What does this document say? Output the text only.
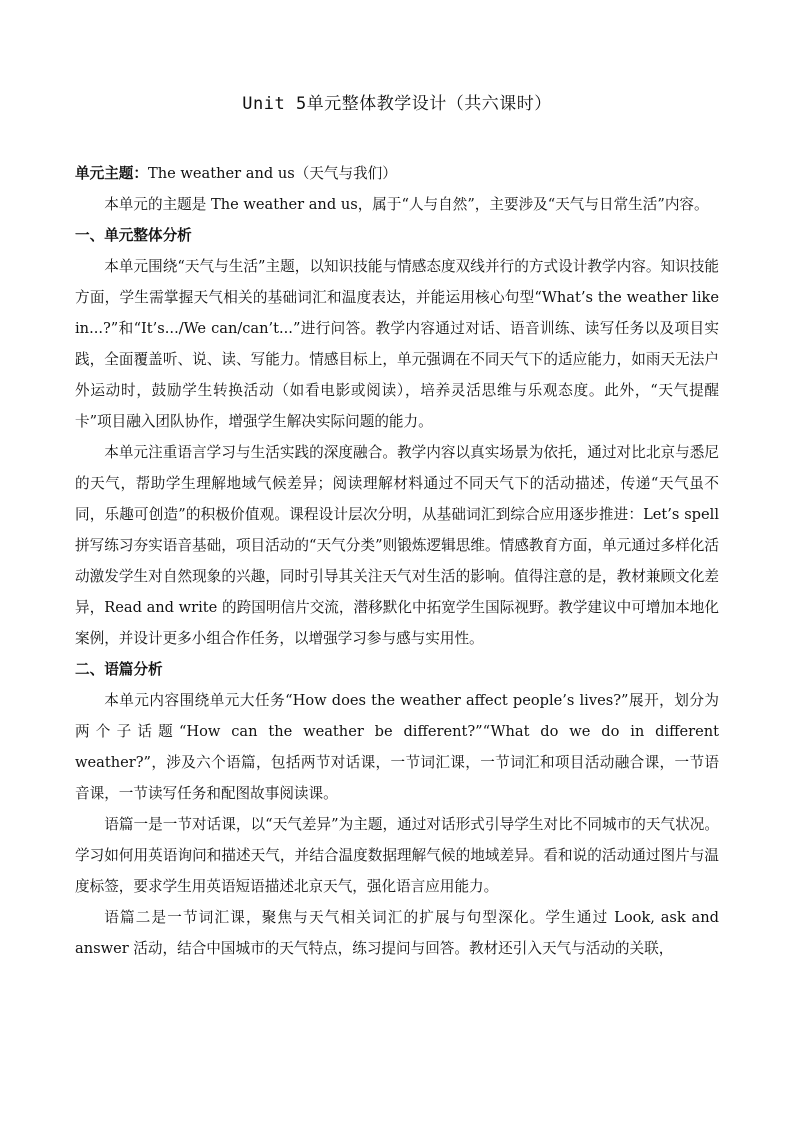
Unit 5单元整体教学设计（共六课时）

单元主题：The weather and us（天气与我们）

本单元的主题是 The weather and us，属于“人与自然”，主要涉及“天气与日常生活”内容。

一、单元整体分析

本单元围绕“天气与生活”主题，以知识技能与情感态度双线并行的方式设计教学内容。知识技能方面，学生需掌握天气相关的基础词汇和温度表达，并能运用核心句型“What’s the weather like in...?”和“It’s.../We can/can’t...”进行问答。教学内容通过对话、语音训练、读写任务以及项目实践，全面覆盖听、说、读、写能力。情感目标上，单元强调在不同天气下的适应能力，如雨天无法户外运动时，鼓励学生转换活动（如看电影或阅读），培养灵活思维与乐观态度。此外，“天气提醒卡”项目融入团队协作，增强学生解决实际问题的能力。

本单元注重语言学习与生活实践的深度融合。教学内容以真实场景为依托，通过对比北京与悉尼的天气，帮助学生理解地域气候差异；阅读理解材料通过不同天气下的活动描述，传递“天气虽不同，乐趣可创造”的积极价值观。课程设计层次分明，从基础词汇到综合应用逐步推进：Let’s spell 拼写练习夯实语音基础，项目活动的“天气分类”则锻炼逻辑思维。情感教育方面，单元通过多样化活动激发学生对自然现象的兴趣，同时引导其关注天气对生活的影响。值得注意的是，教材兼顾文化差异，Read and write 的跨国明信片交流，潜移默化中拓宽学生国际视野。教学建议中可增加本地化案例，并设计更多小组合作任务，以增强学习参与感与实用性。

二、语篇分析

本单元内容围绕单元大任务“How does the weather affect people’s lives?”展开，划分为两个子话题“How can the weather be different?”“What do we do in different weather?”，涉及六个语篇，包括两节对话课，一节词汇课，一节词汇和项目活动融合课，一节语音课，一节读写任务和配图故事阅读课。

语篇一是一节对话课，以“天气差异”为主题，通过对话形式引导学生对比不同城市的天气状况。学习如何用英语询问和描述天气，并结合温度数据理解气候的地域差异。看和说的活动通过图片与温度标签，要求学生用英语短语描述北京天气，强化语言应用能力。

语篇二是一节词汇课，聚焦与天气相关词汇的扩展与句型深化。学生通过 Look, ask and answer 活动，结合中国城市的天气特点，练习提问与回答。教材还引入天气与活动的关联，
